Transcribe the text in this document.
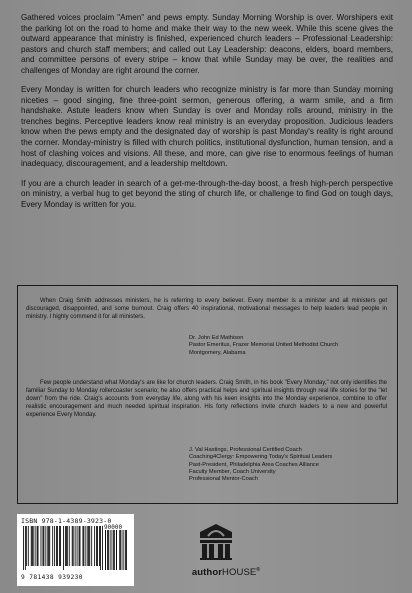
Gathered voices proclaim "Amen" and pews empty. Sunday Morning Worship is over. Worshipers exit the parking lot on the road to home and make their way to the new week. While this scene gives the outward appearance that ministry is finished, experienced church leaders – Professional Leadership: pastors and church staff members; and called out Lay Leadership: deacons, elders, board members, and committee persons of every stripe – know that while Sunday may be over, the realities and challenges of Monday are right around the corner.

Every Monday is written for church leaders who recognize ministry is far more than Sunday morning niceties – good singing, fine three-point sermon, generous offering, a warm smile, and a firm handshake. Astute leaders know when Sunday is over and Monday rolls around, ministry in the trenches begins. Perceptive leaders know real ministry is an everyday proposition. Judicious leaders know when the pews empty and the designated day of worship is past Monday's reality is right around the corner. Monday-ministry is filled with church politics, institutional dysfunction, human tension, and a host of clashing voices and visions. All these, and more, can give rise to enormous feelings of human inadequacy, discouragement, and a leadership meltdown.

If you are a church leader in search of a get-me-through-the-day boost, a fresh high-perch perspective on ministry, a verbal hug to get beyond the sting of church life, or challenge to find God on tough days, Every Monday is written for you.

When Craig Smith addresses ministers, he is referring to every believer. Every member is a minister and all ministers get discouraged, disappointed, and some burnout. Craig offers 40 inspirational, motivational messages to help leaders lead people in ministry. I highly commend it for all ministers.

Dr. John Ed Mathison
Pastor Emeritus, Frazer Memorial United Methodist Church
Montgomery, Alabama

Few people understand what Monday's are like for church leaders. Craig Smith, in his book "Every Monday," not only identifies the familiar Sunday to Monday rollercoaster scenario; he also offers practical helps and spiritual insights through real life stories for the "let down" from the ride. Craig's accounts from everyday life, along with his keen insights into the Monday experience, combine to offer realistic encouragement and much needed spiritual inspiration. His forty reflections invite church leaders to a new and powerful experience Every Monday.

J. Val Hastings, Professional Certified Coach
Coaching4Clergy: Empowering Today's Spiritual Leaders
Past-President, Philadelphia Area Coaches Alliance
Faculty Member, Coach University
Professional Mentor-Coach
ISBN 978-1-4389-3923-0
90000
9 781438 939230	authorHOUSE®
